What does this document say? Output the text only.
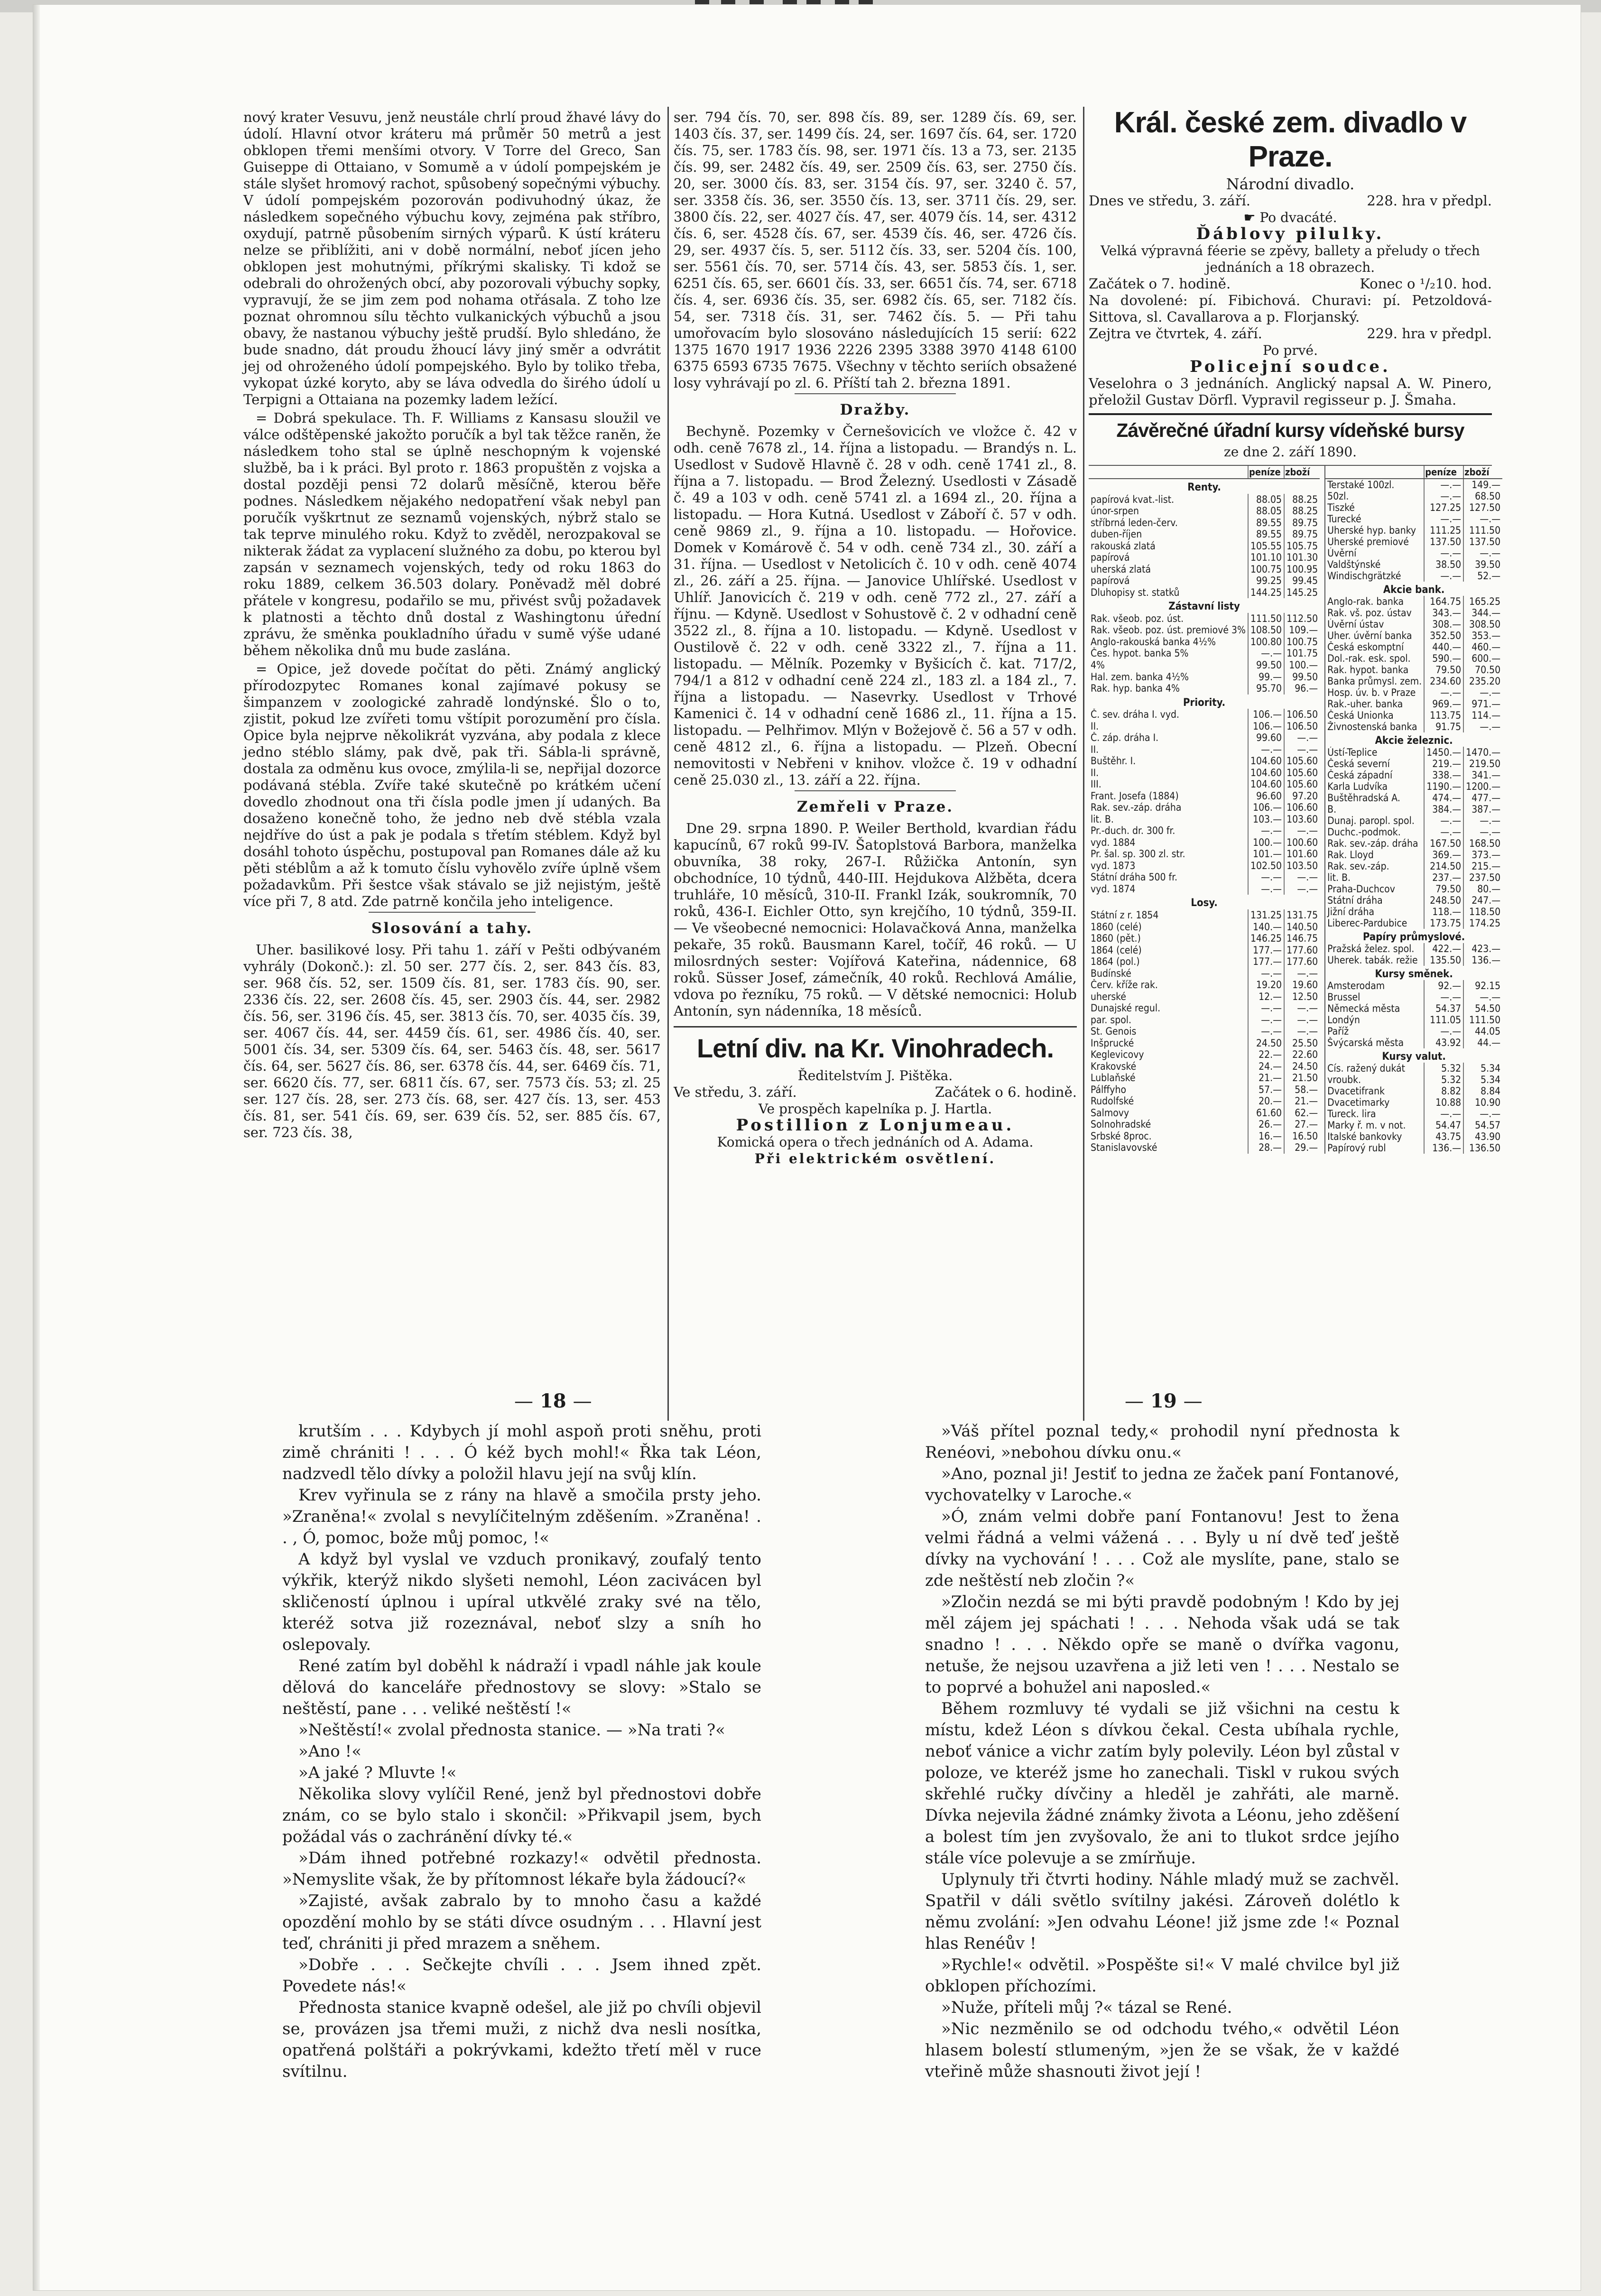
nový krater Vesuvu, jenž neustále chrlí proud žhavé lávy do údolí. Hlavní otvor kráteru má průměr 50 metrů a jest obklopen třemi menšími otvory. V Torre del Greco, San Guiseppe di Ottaiano, v Somumě a v údolí pompejském je stále slyšet hromový rachot, spůsobený sopečnými výbuchy. V údolí pompejském pozorován podivuhodný úkaz, že následkem sopečného výbuchu kovy, zejména pak stříbro, oxydují, patrně působením sirných výparů. K ústí kráteru nelze se přiblížiti, ani v době normální, neboť jícen jeho obklopen jest mohutnými, příkrými skalisky. Ti kdož se odebrali do ohrožených obcí, aby pozorovali výbuchy sopky, vypravují, že se jim zem pod nohama otřásala. Z toho lze poznat ohromnou sílu těchto vulkanických výbuchů a jsou obavy, že nastanou výbuchy ještě prudší. Bylo shledáno, že bude snadno, dát proudu žhoucí lávy jiný směr a odvrátit jej od ohroženého údolí pompejského. Bylo by toliko třeba, vykopat úzké koryto, aby se láva odvedla do širého údolí u Terpigni a Ottaiana na pozemky ladem ležící.

= Dobrá spekulace. Th. F. Williams z Kansasu sloužil ve válce odštěpenské jakožto poručík a byl tak těžce raněn, že následkem toho stal se úplně neschopným k vojenské službě, ba i k práci. Byl proto r. 1863 propuštěn z vojska a dostal později pensi 72 dolarů měsíčně, kterou běře podnes. Následkem nějakého nedopatření však nebyl pan poručík vyškrtnut ze seznamů vojenských, nýbrž stalo se tak teprve minulého roku. Když to zvěděl, nerozpakoval se nikterak žádat za vyplacení služného za dobu, po kterou byl zapsán v seznamech vojenských, tedy od roku 1863 do roku 1889, celkem 36.503 dolary. Poněvadž měl dobré přátele v kongresu, podařilo se mu, přivést svůj požadavek k platnosti a těchto dnů dostal z Washingtonu úřední zprávu, že směnka poukladního úřadu v sumě výše udané během několika dnů mu bude zaslána.

= Opice, jež dovede počítat do pěti. Známý anglický přírodozpytec Romanes konal zajímavé pokusy se šimpanzem v zoologické zahradě londýnské. Šlo o to, zjistit, pokud lze zvířeti tomu vštípit porozumění pro čísla. Opice byla nejprve několikrát vyzvána, aby podala z klece jedno stéblo slámy, pak dvě, pak tři. Sábla-li správně, dostala za odměnu kus ovoce, zmýlila-li se, nepřijal dozorce podávaná stébla. Zvíře také skutečně po krátkém učení dovedlo zhodnout ona tři čísla podle jmen jí udaných. Ba dosaženo konečně toho, že jedno neb dvě stébla vzala nejdříve do úst a pak je podala s třetím stéblem. Když byl dosáhl tohoto úspěchu, postupoval pan Romanes dále až ku pěti stéblům a až k tomuto číslu vyhovělo zvíře úplně všem požadavkům. Při šestce však stávalo se již nejistým, ještě více při 7, 8 atd. Zde patrně končila jeho inteligence.

Slosování a tahy.

Uher. basilikové losy. Při tahu 1. září v Pešti odbývaném vyhrály (Dokonč.): zl. 50 ser. 277 čís. 2, ser. 843 čís. 83, ser. 968 čís. 52, ser. 1509 čís. 81, ser. 1783 čís. 90, ser. 2336 čís. 22, ser. 2608 čís. 45, ser. 2903 čís. 44, ser. 2982 čís. 56, ser. 3196 čís. 45, ser. 3813 čís. 70, ser. 4035 čís. 39, ser. 4067 čís. 44, ser. 4459 čís. 61, ser. 4986 čís. 40, ser. 5001 čís. 34, ser. 5309 čís. 64, ser. 5463 čís. 48, ser. 5617 čís. 64, ser. 5627 čís. 86, ser. 6378 čís. 44, ser. 6469 čís. 71, ser. 6620 čís. 77, ser. 6811 čís. 67, ser. 7573 čís. 53; zl. 25 ser. 127 čís. 28, ser. 273 čís. 68, ser. 427 čís. 13, ser. 453 čís. 81, ser. 541 čís. 69, ser. 639 čís. 52, ser. 885 čís. 67, ser. 723 čís. 38,

ser. 794 čís. 70, ser. 898 čís. 89, ser. 1289 čís. 69, ser. 1403 čís. 37, ser. 1499 čís. 24, ser. 1697 čís. 64, ser. 1720 čís. 75, ser. 1783 čís. 98, ser. 1971 čís. 13 a 73, ser. 2135 čís. 99, ser. 2482 čís. 49, ser. 2509 čís. 63, ser. 2750 čís. 20, ser. 3000 čís. 83, ser. 3154 čís. 97, ser. 3240 č. 57, ser. 3358 čís. 36, ser. 3550 čís. 13, ser. 3711 čís. 29, ser. 3800 čís. 22, ser. 4027 čís. 47, ser. 4079 čís. 14, ser. 4312 čís. 6, ser. 4528 čís. 67, ser. 4539 čís. 46, ser. 4726 čís. 29, ser. 4937 čís. 5, ser. 5112 čís. 33, ser. 5204 čís. 100, ser. 5561 čís. 70, ser. 5714 čís. 43, ser. 5853 čís. 1, ser. 6251 čís. 65, ser. 6601 čís. 33, ser. 6651 čís. 74, ser. 6718 čís. 4, ser. 6936 čís. 35, ser. 6982 čís. 65, ser. 7182 čís. 54, ser. 7318 čís. 31, ser. 7462 čís. 5. — Při tahu umořovacím bylo slosováno následujících 15 serií: 622 1375 1670 1917 1936 2226 2395 3388 3970 4148 6100 6375 6593 6735 7675. Všechny v těchto seriích obsažené losy vyhrávají po zl. 6. Příští tah 2. března 1891.

Dražby.

Bechyně. Pozemky v Černešovicích ve vložce č. 42 v odh. ceně 7678 zl., 14. října a listopadu. — Brandýs n. L. Usedlost v Sudově Hlavně č. 28 v odh. ceně 1741 zl., 8. října a 7. listopadu. — Brod Železný. Usedlosti v Zásadě č. 49 a 103 v odh. ceně 5741 zl. a 1694 zl., 20. října a listopadu. — Hora Kutná. Usedlost v Záboří č. 57 v odh. ceně 9869 zl., 9. října a 10. listopadu. — Hořovice. Domek v Komárově č. 54 v odh. ceně 734 zl., 30. září a 31. října. — Usedlost v Netolicích č. 10 v odh. ceně 4074 zl., 26. září a 25. října. — Janovice Uhlířské. Usedlost v Uhlíř. Janovicích č. 219 v odh. ceně 772 zl., 27. září a říjnu. — Kdyně. Usedlost v Sohustově č. 2 v odhadní ceně 3522 zl., 8. října a 10. listopadu. — Kdyně. Usedlost v Oustilově č. 22 v odh. ceně 3322 zl., 7. října a 11. listopadu. — Mělník. Pozemky v Byšicích č. kat. 717/2, 794/1 a 812 v odhadní ceně 224 zl., 183 zl. a 184 zl., 7. října a listopadu. — Nasevrky. Usedlost v Trhové Kamenici č. 14 v odhadní ceně 1686 zl., 11. října a 15. listopadu. — Pelhřimov. Mlýn v Božejově č. 56 a 57 v odh. ceně 4812 zl., 6. října a listopadu. — Plzeň. Obecní nemovitosti v Nebřeni v knihov. vložce č. 19 v odhadní ceně 25.030 zl., 13. září a 22. října.

Zemřeli v Praze.

Dne 29. srpna 1890. P. Weiler Berthold, kvardian řádu kapucínů, 67 roků 99-IV. Šatoplstová Barbora, manželka obuvníka, 38 roky, 267-I. Růžička Antonín, syn obchodníce, 10 týdnů, 440-III. Hejdukova Alžběta, dcera truhláře, 10 měsíců, 310-II. Frankl Izák, soukromník, 70 roků, 436-I. Eichler Otto, syn krejčího, 10 týdnů, 359-II. — Ve všeobecné nemocnici: Holavačková Anna, manželka pekaře, 35 roků. Bausmann Karel, točíř, 46 roků. — U milosrdných sester: Vojířová Kateřina, nádennice, 68 roků. Süsser Josef, zámečník, 40 roků. Rechlová Amálie, vdova po řezníku, 75 roků. — V dětské nemocnici: Holub Antonín, syn nádenníka, 18 měsíců.

Letní div. na Kr. Vinohradech.
Ředitelstvím J. Pištěka.
Ve středu, 3. září.	Začátek o 6. hodině.
Ve prospěch kapelníka p. J. Hartla.
Postillion z Lonjumeau.
Komická opera o třech jednáních od A. Adama.
Při elektrickém osvětlení.
Král. české zem. divadlo v Praze.
Národní divadlo.
Dnes ve středu, 3. září.	228. hra v předpl.
☛ Po dvacáté.
Ďáblovy pilulky.
Velká výpravná féerie se zpěvy, ballety a přeludy o třech jednáních a 18 obrazech.
Začátek o 7. hodině.	Konec o ¹/₂10. hod.
Na dovolené: pí. Fibichová. Churavi: pí. Petzoldová-Sittova, sl. Cavallarova a p. Florjanský.
Zejtra ve čtvrtek, 4. září.	229. hra v předpl.
Po prvé.
Policejní soudce.
Veselohra o 3 jednáních. Anglický napsal A. W. Pinero, přeložil Gustav Dörfl. Vypravil regisseur p. J. Šmaha.
Závěrečné úřadní kursy vídeňské bursy
ze dne 2. září 1890.
	peníze	zboží
Renty.		
papírová kvat.-list.	88.05	88.25
únor-srpen	88.05	88.25
stříbrná leden-červ.	89.55	89.75
duben-říjen	89.55	89.75
rakouská zlatá	105.55	105.75
papírová	101.10	101.30
uherská zlatá	100.75	100.95
papírová	99.25	99.45
Dluhopisy st. statků	144.25	145.25
Zástavní listy		
Rak. všeob. poz. úst.	111.50	112.50
Rak. všeob. poz. úst. premiové 3%	108.50	109.—
Anglo-rakouská banka 4½%	100.80	100.75
Čes. hypot. banka 5%	—.—	101.75
4%	99.50	100.—
Hal. zem. banka 4½%	99.—	99.50
Rak. hyp. banka 4%	95.70	96.—
Priority.		
Č. sev. dráha I. vyd.	106.—	106.50
II.	106.—	106.50
Č. záp. dráha I.	99.60	—.—
II.	—.—	—.—
Buštěhr. I.	104.60	105.60
II.	104.60	105.60
III.	104.60	105.60
Frant. Josefa (1884)	96.60	97.20
Rak. sev.-záp. dráha	106.—	106.60
lit. B.	103.—	103.60
Pr.-duch. dr. 300 fr.	—.—	—.—
vyd. 1884	100.—	100.60
Pr. šal. sp. 300 zl. str.	101.—	101.60
vyd. 1873	102.50	103.50
Státní dráha 500 fr.	—.—	—.—
vyd. 1874	—.—	—.—
Losy.		
Státní z r. 1854	131.25	131.75
1860 (celé)	140.—	140.50
1860 (pět.)	146.25	146.75
1864 (celé)	177.—	177.60
1864 (pol.)	177.—	177.60
Budínské	—.—	—.—
Červ. kříže rak.	19.20	19.60
uherské	12.—	12.50
Dunajské regul.	—.—	—.—
par. spol.	—.—	—.—
St. Genois	—.—	—.—
Inšprucké	24.50	25.50
Keglevicovy	22.—	22.60
Krakovské	24.—	24.50
Lublaňské	21.—	21.50
Pálffyho	57.—	58.—
Rudolfské	20.—	21.—
Salmovy	61.60	62.—
Solnohradské	26.—	27.—
Srbské 8proc.	16.—	16.50
Stanislavovské	28.—	29.—
	peníze	zboží
Terstaké 100zl.	—.—	149.—
50zl.	—.—	68.50
Tiszké	127.25	127.50
Turecké	—.—	—.—
Uherské hyp. banky	111.25	111.50
Uherské premiové	137.50	137.50
Úvěrní	—.—	—.—
Valdštýnské	38.50	39.50
Windischgrätzké	—.—	52.—
Akcie bank.		
Anglo-rak. banka	164.75	165.25
Rak. vš. poz. ústav	343.—	344.—
Úvěrní ústav	308.—	308.50
Uher. úvěrní banka	352.50	353.—
Česká eskomptní	440.—	460.—
Dol.-rak. esk. spol.	590.—	600.—
Rak. hypot. banka	79.50	70.50
Banka průmysl. zem.	234.60	235.20
Hosp. úv. b. v Praze	—.—	—.—
Rak.-uher. banka	969.—	971.—
Česká Unionka	113.75	114.—
Živnostenská banka	91.75	—.—
Akcie železnic.		
Ústí-Teplice	1450.—	1470.—
Česká severní	219.—	219.50
Česká západní	338.—	341.—
Karla Ludvíka	1190.—	1200.—
Buštěhradská A.	474.—	477.—
B.	384.—	387.—
Dunaj. paropl. spol.	—.—	—.—
Duchc.-podmok.	—.—	—.—
Rak. sev.-záp. dráha	167.50	168.50
Rak. Lloyd	369.—	373.—
Rak. sev.-záp.	214.50	215.—
lit. B.	237.—	237.50
Praha-Duchcov	79.50	80.—
Státní dráha	248.50	247.—
Jižní dráha	118.—	118.50
Liberec-Pardubice	173.75	174.25
Papíry průmyslové.		
Pražská želez. spol.	422.—	423.—
Uherek. tabák. režie	135.50	136.—
Kursy směnek.		
Amsterodam	92.—	92.15
Brussel	—.—	—.—
Německá města	54.37	54.50
Londýn	111.05	111.50
Paříž	—.—	44.05
Švýcarská města	43.92	44.—
Kursy valut.		
Cís. ražený dukát	5.32	5.34
vroubk.	5.32	5.34
Dvacetifrank	8.82	8.84
Dvacetimarky	10.88	10.90
Tureck. lira	—.—	—.—
Marky ř. m. v not.	54.47	54.57
Italské bankovky	43.75	43.90
Papírový rubl	136.—	136.50
— 18 —	— 19 —

krutším . . . Kdybych jí mohl aspoň proti sněhu, proti zimě chrániti ! . . . Ó kéž bych mohl!« Řka tak Léon, nadzvedl tělo dívky a položil hlavu její na svůj klín.

Krev vyřinula se z rány na hlavě a smočila prsty jeho. »Zraněna!« zvolal s nevylíčitelným zděšením. »Zraněna! . . , Ó, pomoc, bože můj pomoc, !«

A když byl vyslal ve vzduch pronikavý, zoufalý tento výkřik, kterýž nikdo slyšeti nemohl, Léon zacivácen byl skličeností úplnou i upíral utkvělé zraky své na tělo, kteréž sotva již rozeznával, neboť slzy a sníh ho oslepovaly.

René zatím byl doběhl k nádraží i vpadl náhle jak koule dělová do kanceláře přednostovy se slovy: »Stalo se neštěstí, pane . . . veliké neštěstí !«

»Neštěstí!« zvolal přednosta stanice. — »Na trati ?«

»Ano !«

»A jaké ? Mluvte !«

Několika slovy vylíčil René, jenž byl přednostovi dobře znám, co se bylo stalo i skončil: »Přikvapil jsem, bych požádal vás o zachránění dívky té.«

»Dám ihned potřebné rozkazy!« odvětil přednosta. »Nemyslite však, že by přítomnost lékaře byla žádoucí?«

»Zajisté, avšak zabralo by to mnoho času a každé opozdění mohlo by se státi dívce osudným . . . Hlavní jest teď, chrániti ji před mrazem a sněhem.

»Dobře . . . Sečkejte chvíli . . . Jsem ihned zpět. Povedete nás!«

Přednosta stanice kvapně odešel, ale již po chvíli objevil se, provázen jsa třemi muži, z nichž dva nesli nosítka, opatřená polštáři a pokrývkami, kdežto třetí měl v ruce svítilnu.

»Váš přítel poznal tedy,« prohodil nyní přednosta k Renéovi, »nebohou dívku onu.«

»Ano, poznal ji! Jestiť to jedna ze žaček paní Fontanové, vychovatelky v Laroche.«

»Ó, znám velmi dobře paní Fontanovu! Jest to žena velmi řádná a velmi vážená . . . Byly u ní dvě teď ještě dívky na vychování ! . . . Což ale myslíte, pane, stalo se zde neštěstí neb zločin ?«

»Zločin nezdá se mi býti pravdě podobným ! Kdo by jej měl zájem jej spáchati ! . . . Nehoda však udá se tak snadno ! . . . Někdo opře se maně o dvířka vagonu, netuše, že nejsou uzavřena a již leti ven ! . . . Nestalo se to poprvé a bohužel ani naposled.«

Během rozmluvy té vydali se již všichni na cestu k místu, kdež Léon s dívkou čekal. Cesta ubíhala rychle, neboť vánice a vichr zatím byly polevily. Léon byl zůstal v poloze, ve kteréž jsme ho zanechali. Tiskl v rukou svých skřehlé ručky dívčiny a hleděl je zahřáti, ale marně. Dívka nejevila žádné známky života a Léonu, jeho zděšení a bolest tím jen zvyšovalo, že ani to tlukot srdce jejího stále více polevuje a se zmírňuje.

Uplynuly tři čtvrti hodiny. Náhle mladý muž se zachvěl. Spatřil v dáli světlo svítilny jakési. Zároveň dolétlo k němu zvolání: »Jen odvahu Léone! již jsme zde !« Poznal hlas Renéův !

»Rychle!« odvětil. »Pospěšte si!« V malé chvilce byl již obklopen příchozími.

»Nuže, příteli můj ?« tázal se René.

»Nic nezměnilo se od odchodu tvého,« odvětil Léon hlasem bolestí stlumeným, »jen že se však, že v každé vteřině může shasnouti život její !
